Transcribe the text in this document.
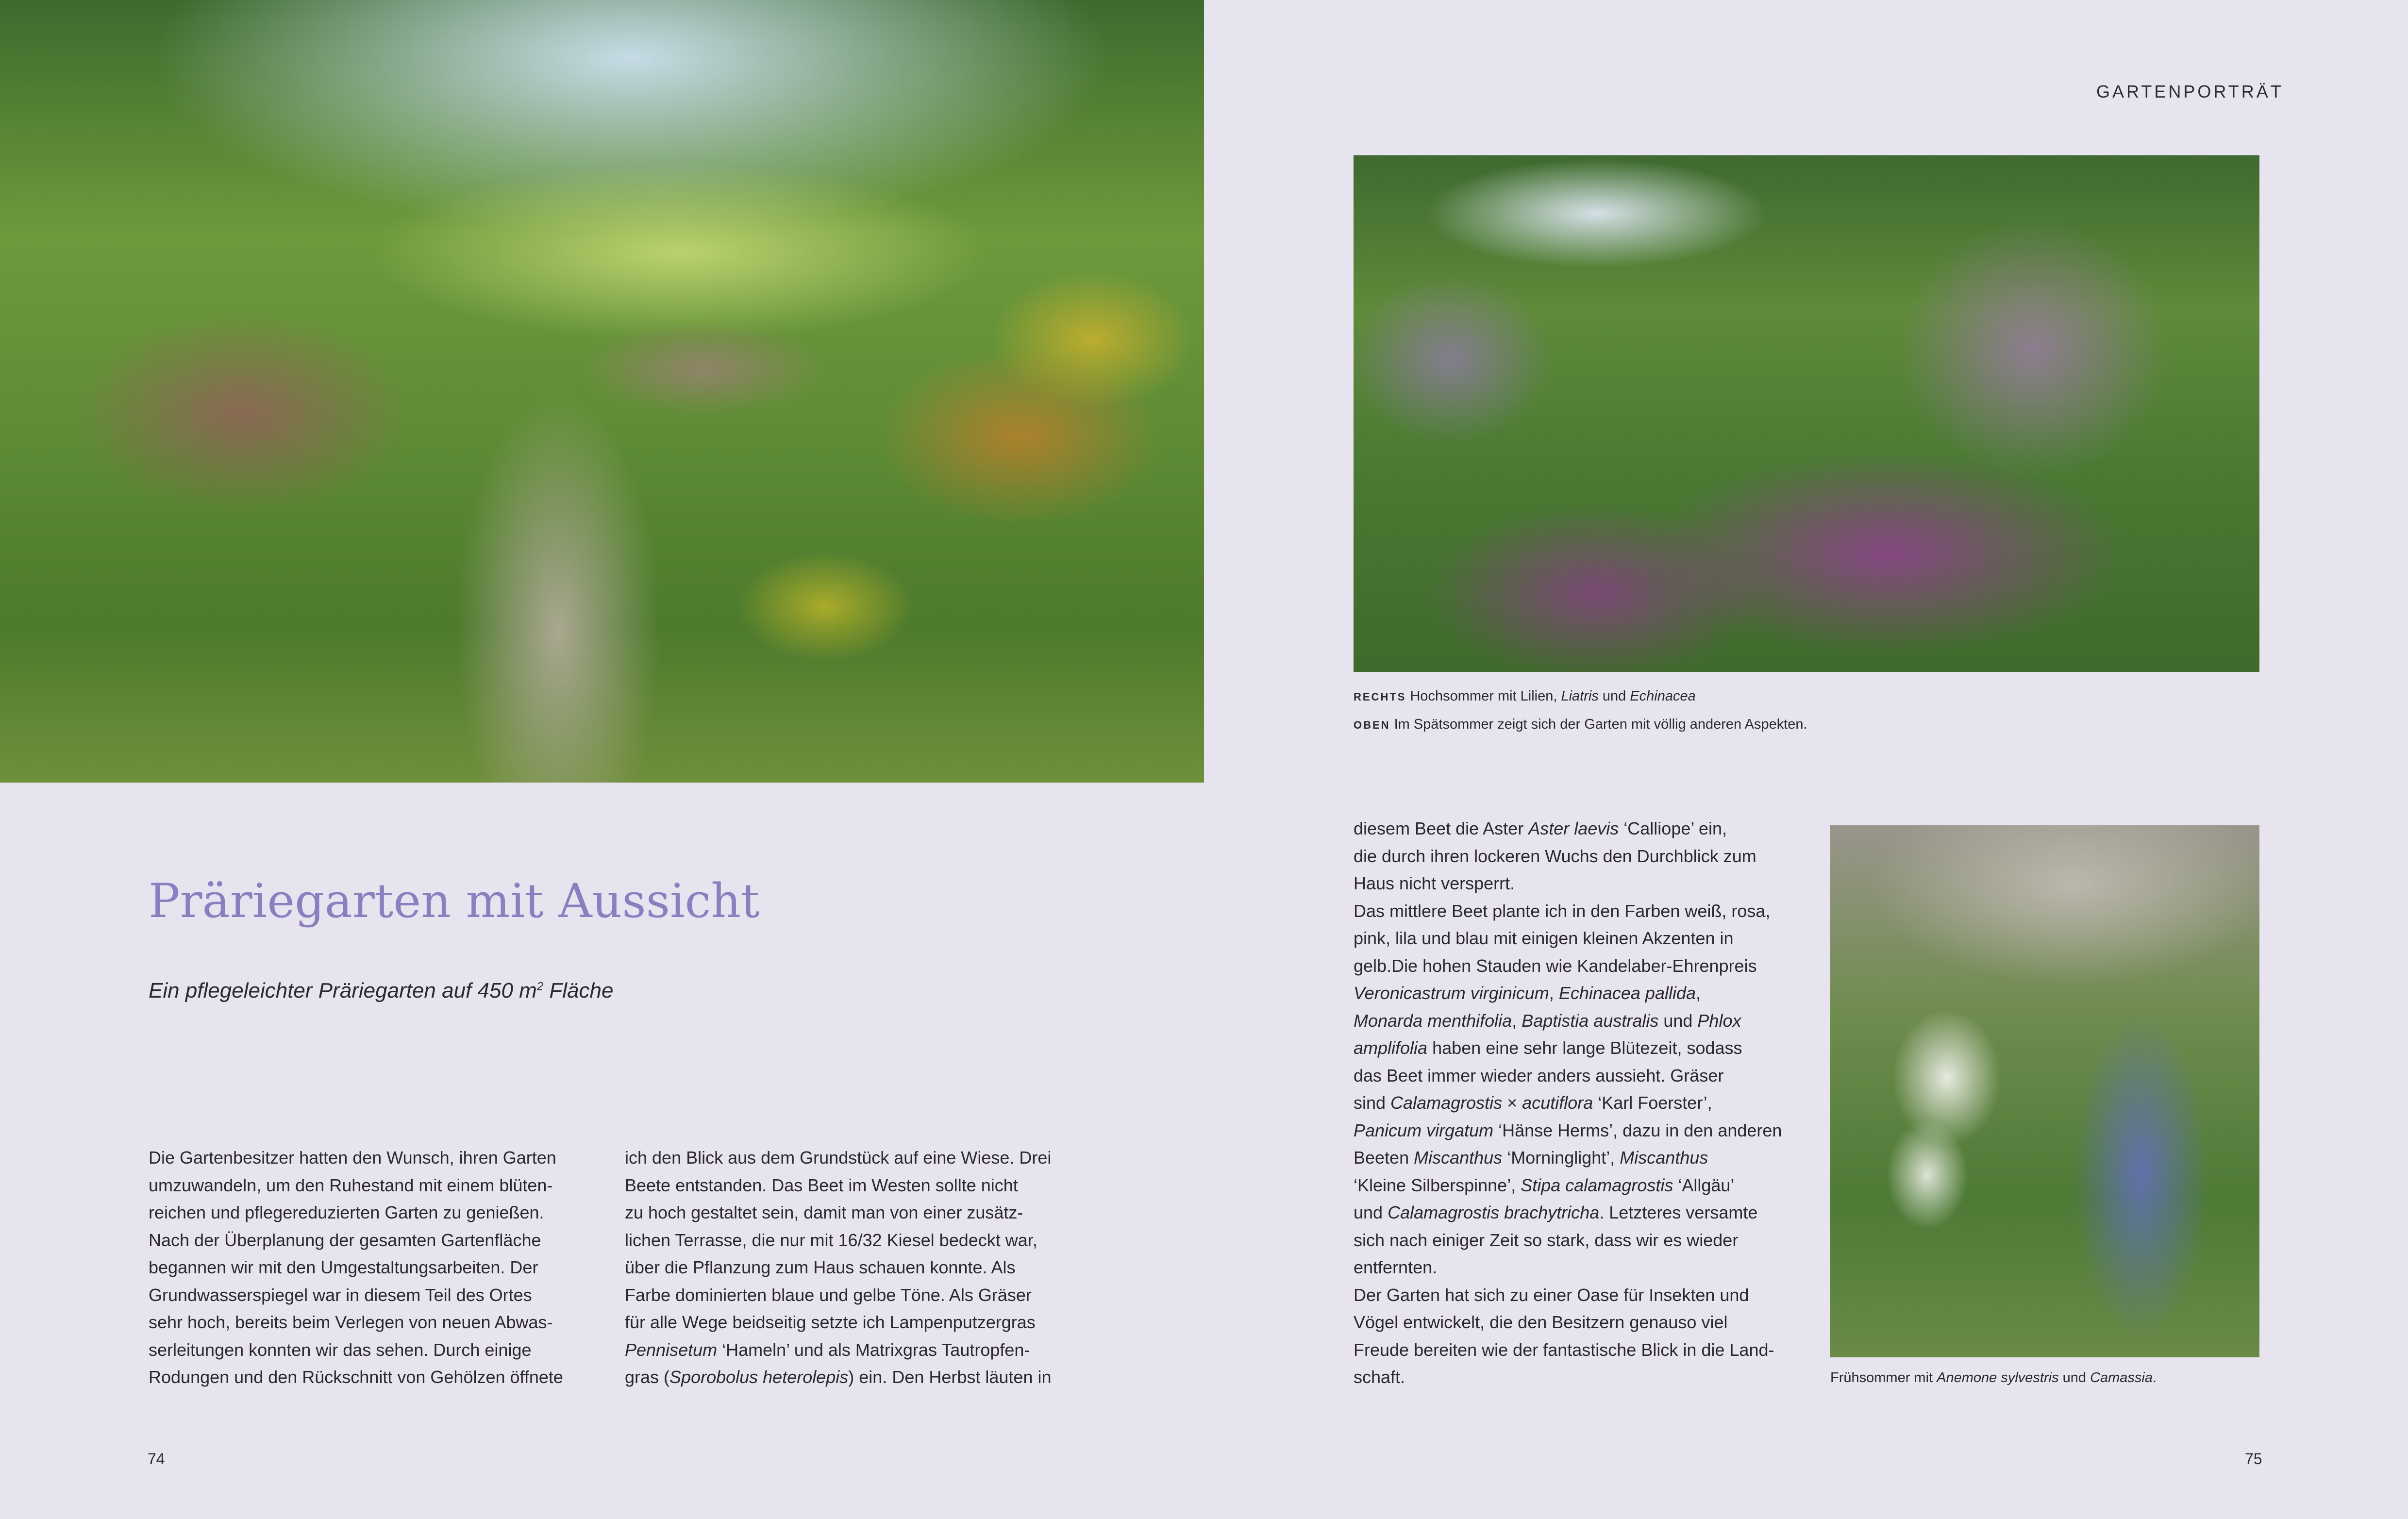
GARTENPORTRÄT
RECHTS Hochsommer mit Lilien, Liatris und Echinacea
OBEN Im Spätsommer zeigt sich der Garten mit völlig anderen Aspekten.
Präriegarten mit Aussicht
Ein pflegeleichter Präriegarten auf 450 $m^2$ Fläche
Die Gartenbesitzer hatten den Wunsch, ihren Garten
umzuwandeln, um den Ruhestand mit einem blüten-
reichen und pflegereduzierten Garten zu genießen.
Nach der Überplanung der gesamten Gartenfläche
begannen wir mit den Umgestaltungsarbeiten. Der
Grundwasserspiegel war in diesem Teil des Ortes
sehr hoch, bereits beim Verlegen von neuen Abwas-
serleitungen konnten wir das sehen. Durch einige
Rodungen und den Rückschnitt von Gehölzen öffnete
ich den Blick aus dem Grundstück auf eine Wiese. Drei
Beete entstanden. Das Beet im Westen sollte nicht
zu hoch gestaltet sein, damit man von einer zusätz-
lichen Terrasse, die nur mit 16/32 Kiesel bedeckt war,
über die Pflanzung zum Haus schauen konnte. Als
Farbe dominierten blaue und gelbe Töne. Als Gräser
für alle Wege beidseitig setzte ich Lampenputzergras
Pennisetum ‘Hameln’ und als Matrixgras Tautropfen-
gras (Sporobolus heterolepis) ein. Den Herbst läuten in
diesem Beet die Aster Aster laevis ‘Calliope’ ein,
die durch ihren lockeren Wuchs den Durchblick zum
Haus nicht versperrt.
Das mittlere Beet plante ich in den Farben weiß, rosa,
pink, lila und blau mit einigen kleinen Akzenten in
gelb.Die hohen Stauden wie Kandelaber-Ehrenpreis
Veronicastrum virginicum, Echinacea pallida,
Monarda menthifolia, Baptistia australis und Phlox
amplifolia haben eine sehr lange Blütezeit, sodass
das Beet immer wieder anders aussieht. Gräser
sind Calamagrostis × acutiflora ‘Karl Foerster’,
Panicum virgatum ‘Hänse Herms’, dazu in den anderen
Beeten Miscanthus ‘Morninglight’, Miscanthus
‘Kleine Silberspinne’, Stipa calamagrostis ‘Allgäu’
und Calamagrostis brachytricha. Letzteres versamte
sich nach einiger Zeit so stark, dass wir es wieder
entfernten.
Der Garten hat sich zu einer Oase für Insekten und
Vögel entwickelt, die den Besitzern genauso viel
Freude bereiten wie der fantastische Blick in die Land-
schaft.	Frühsommer mit Anemone sylvestris und Camassia.
74	75
